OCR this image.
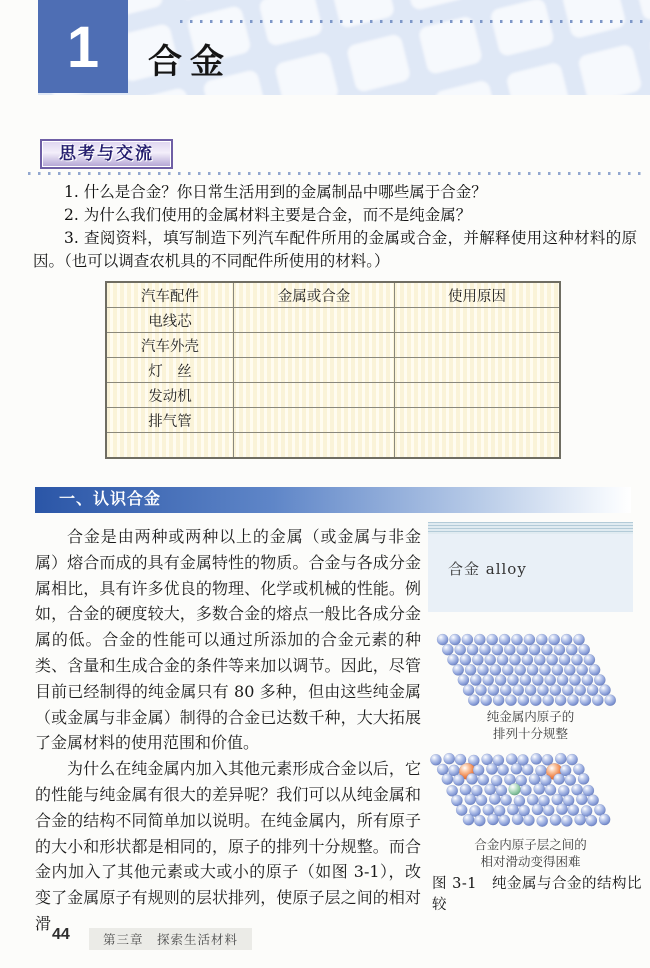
1	合金
思考与交流

1. 什么是合金？你日常生活用到的金属制品中哪些属于合金？

2. 为什么我们使用的金属材料主要是合金，而不是纯金属？

3. 查阅资料，填写制造下列汽车配件所用的金属或合金，并解释使用这种材料的原因。（也可以调查农机具的不同配件所使用的材料。）

汽车配件	金属或合金	使用原因
电线芯		
汽车外壳		
灯　丝		
发动机		
排气管		

一、认识合金

合金是由两种或两种以上的金属（或金属与非金属）熔合而成的具有金属特性的物质。合金与各成分金属相比，具有许多优良的物理、化学或机械的性能。例如，合金的硬度较大，多数合金的熔点一般比各成分金属的低。合金的性能可以通过所添加的合金元素的种类、含量和生成合金的条件等来加以调节。因此，尽管目前已经制得的纯金属只有 80 多种，但由这些纯金属（或金属与非金属）制得的合金已达数千种，大大拓展了金属材料的使用范围和价值。

为什么在纯金属内加入其他元素形成合金以后，它的性能与纯金属有很大的差异呢？我们可以从纯金属和合金的结构不同简单加以说明。在纯金属内，所有原子的大小和形状都是相同的，原子的排列十分规整。而合金内加入了其他元素或大或小的原子（如图 3-1），改变了金属原子有规则的层状排列，使原子层之间的相对滑

合金 alloy
纯金属内原子的
排列十分规整
合金内原子层之间的
相对滑动变得困难
图 3-1　纯金属与合金的结构比较
44	第三章　探索生活材料
